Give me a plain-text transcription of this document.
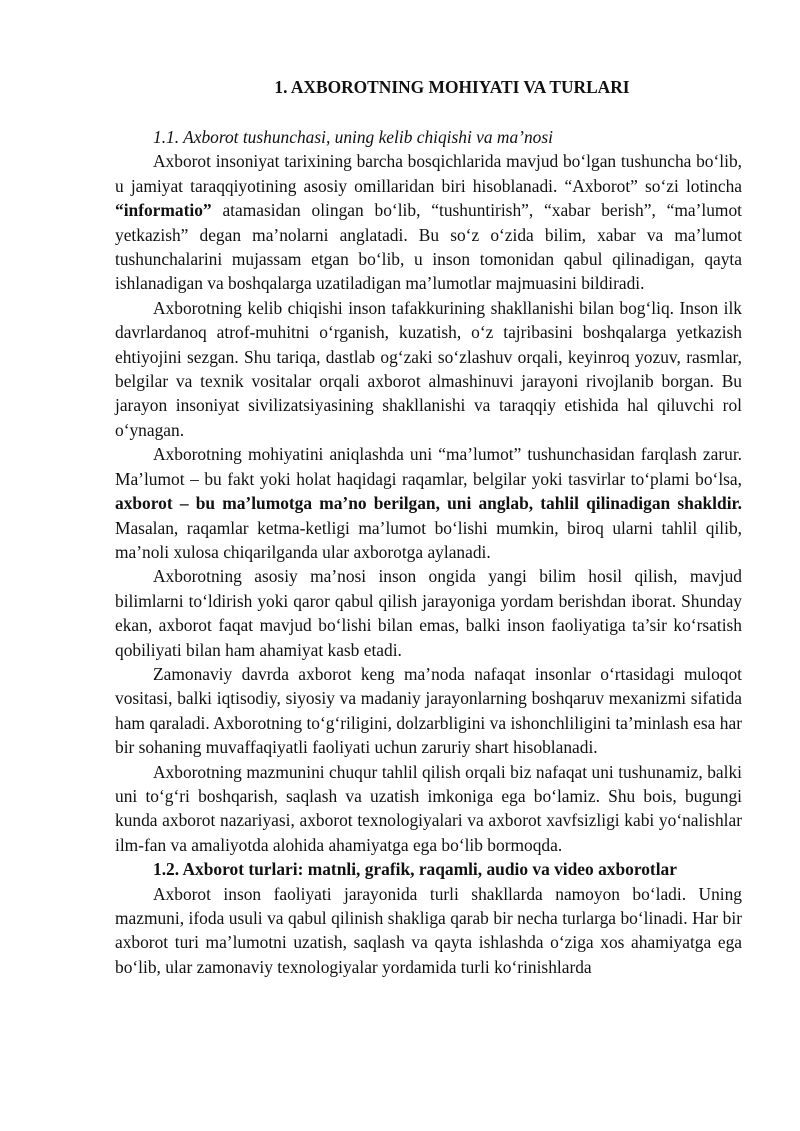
1. AXBOROTNING MOHIYATI VA TURLARI

1.1. Axborot tushunchasi, uning kelib chiqishi va ma’nosi

Axborot insoniyat tarixining barcha bosqichlarida mavjud bo‘lgan tushuncha bo‘lib, u jamiyat taraqqiyotining asosiy omillaridan biri hisoblanadi. “Axborot” so‘zi lotincha “informatio” atamasidan olingan bo‘lib, “tushuntirish”, “xabar berish”, “ma’lumot yetkazish” degan ma’nolarni anglatadi. Bu so‘z o‘zida bilim, xabar va ma’lumot tushunchalarini mujassam etgan bo‘lib, u inson tomonidan qabul qilinadigan, qayta ishlanadigan va boshqalarga uzatiladigan ma’lumotlar majmuasini bildiradi.

Axborotning kelib chiqishi inson tafakkurining shakllanishi bilan bog‘liq. Inson ilk davrlardanoq atrof-muhitni o‘rganish, kuzatish, o‘z tajribasini boshqalarga yetkazish ehtiyojini sezgan. Shu tariqa, dastlab og‘zaki so‘zlashuv orqali, keyinroq yozuv, rasmlar, belgilar va texnik vositalar orqali axborot almashinuvi jarayoni rivojlanib borgan. Bu jarayon insoniyat sivilizatsiyasining shakllanishi va taraqqiy etishida hal qiluvchi rol o‘ynagan.

Axborotning mohiyatini aniqlashda uni “ma’lumot” tushunchasidan farqlash zarur. Ma’lumot – bu fakt yoki holat haqidagi raqamlar, belgilar yoki tasvirlar to‘plami bo‘lsa, axborot – bu ma’lumotga ma’no berilgan, uni anglab, tahlil qilinadigan shakldir. Masalan, raqamlar ketma-ketligi ma’lumot bo‘lishi mumkin, biroq ularni tahlil qilib, ma’noli xulosa chiqarilganda ular axborotga aylanadi.

Axborotning asosiy ma’nosi inson ongida yangi bilim hosil qilish, mavjud bilimlarni to‘ldirish yoki qaror qabul qilish jarayoniga yordam berishdan iborat. Shunday ekan, axborot faqat mavjud bo‘lishi bilan emas, balki inson faoliyatiga ta’sir ko‘rsatish qobiliyati bilan ham ahamiyat kasb etadi.

Zamonaviy davrda axborot keng ma’noda nafaqat insonlar o‘rtasidagi muloqot vositasi, balki iqtisodiy, siyosiy va madaniy jarayonlarning boshqaruv mexanizmi sifatida ham qaraladi. Axborotning to‘g‘riligini, dolzarbligini va ishonchliligini ta’minlash esa har bir sohaning muvaffaqiyatli faoliyati uchun zaruriy shart hisoblanadi.

Axborotning mazmunini chuqur tahlil qilish orqali biz nafaqat uni tushunamiz, balki uni to‘g‘ri boshqarish, saqlash va uzatish imkoniga ega bo‘lamiz. Shu bois, bugungi kunda axborot nazariyasi, axborot texnologiyalari va axborot xavfsizligi kabi yo‘nalishlar ilm-fan va amaliyotda alohida ahamiyatga ega bo‘lib bormoqda.

1.2. Axborot turlari: matnli, grafik, raqamli, audio va video axborotlar

Axborot inson faoliyati jarayonida turli shakllarda namoyon bo‘ladi. Uning mazmuni, ifoda usuli va qabul qilinish shakliga qarab bir necha turlarga bo‘linadi. Har bir axborot turi ma’lumotni uzatish, saqlash va qayta ishlashda o‘ziga xos ahamiyatga ega bo‘lib, ular zamonaviy texnologiyalar yordamida turli ko‘rinishlarda
